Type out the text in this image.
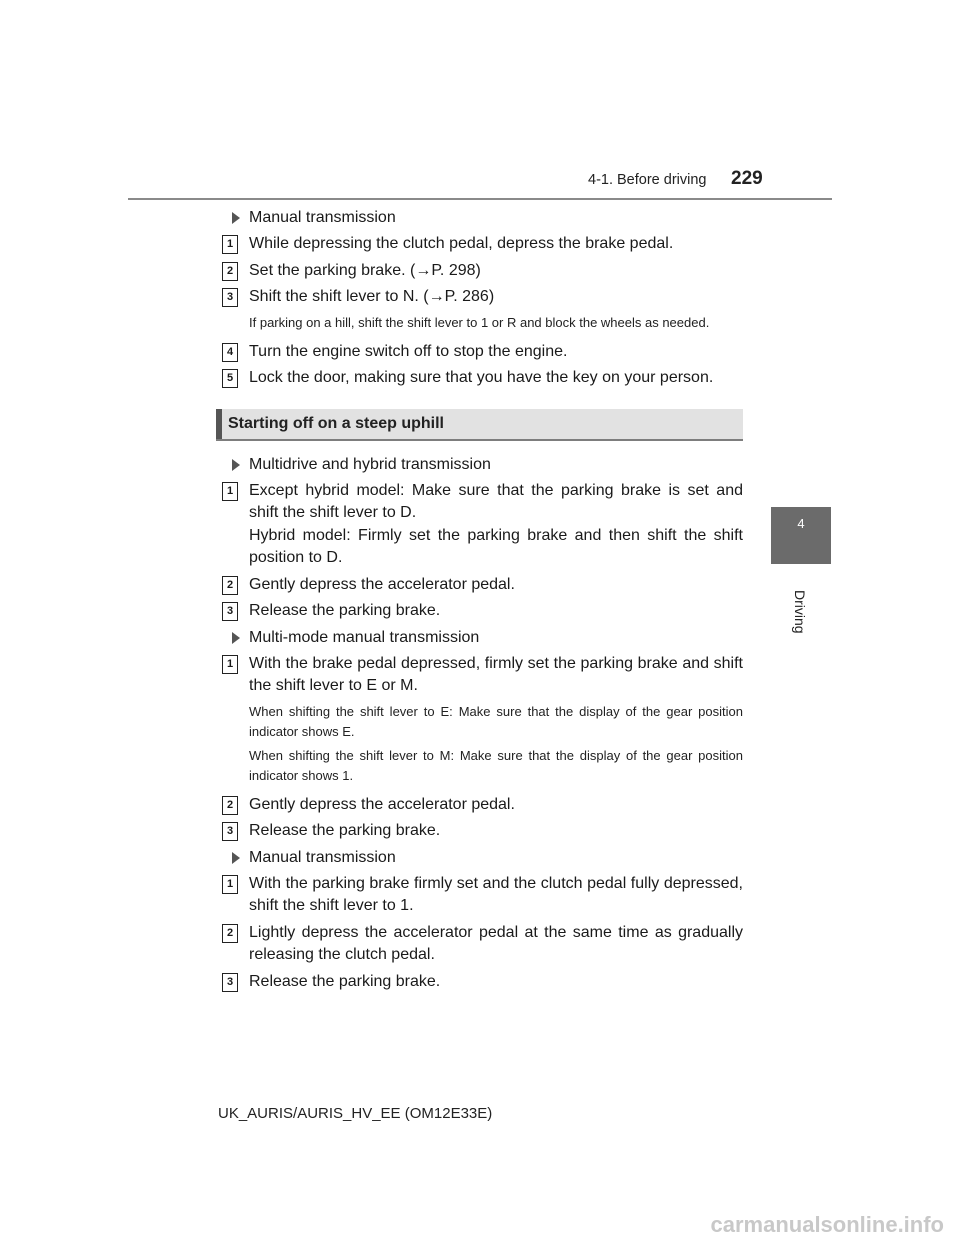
4-1. Before driving 229
4
Driving
Manual transmission
1 While depressing the clutch pedal, depress the brake pedal.
2 Set the parking brake. (→P. 298)
3 Shift the shift lever to N. (→P. 286)
If parking on a hill, shift the shift lever to 1 or R and block the wheels as needed.
4 Turn the engine switch off to stop the engine.
5 Lock the door, making sure that you have the key on your person.
Starting off on a steep uphill
Multidrive and hybrid transmission
1 Except hybrid model: Make sure that the parking brake is set and shift the shift lever to D.
Hybrid model: Firmly set the parking brake and then shift the shift position to D.
2 Gently depress the accelerator pedal.
3 Release the parking brake.
Multi-mode manual transmission
1 With the brake pedal depressed, firmly set the parking brake and shift the shift lever to E or M.
When shifting the shift lever to E: Make sure that the display of the gear position indicator shows E.
When shifting the shift lever to M: Make sure that the display of the gear position indicator shows 1.
2 Gently depress the accelerator pedal.
3 Release the parking brake.
Manual transmission
1 With the parking brake firmly set and the clutch pedal fully depressed, shift the shift lever to 1.
2 Lightly depress the accelerator pedal at the same time as gradually releasing the clutch pedal.
3 Release the parking brake.
UK_AURIS/AURIS_HV_EE (OM12E33E)
carmanualsonline.info
